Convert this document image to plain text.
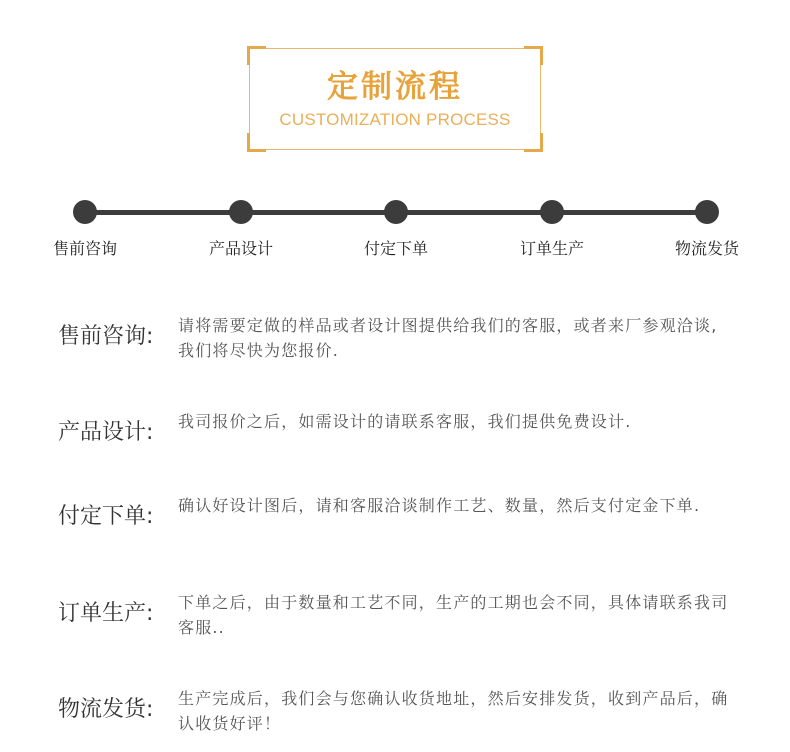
定制流程
CUSTOMIZATION PROCESS
售前咨询	产品设计	付定下单	订单生产	物流发货
售前咨询: 请将需要定做的样品或者设计图提供给我们的客服，或者来厂参观洽谈,我们将尽快为您报价.
产品设计: 我司报价之后，如需设计的请联系客服，我们提供免费设计.
付定下单: 确认好设计图后，请和客服洽谈制作工艺、数量，然后支付定金下单.
订单生产: 下单之后，由于数量和工艺不同，生产的工期也会不同，具体请联系我司客服..
物流发货: 生产完成后，我们会与您确认收货地址，然后安排发货，收到产品后，确认收货好评！
